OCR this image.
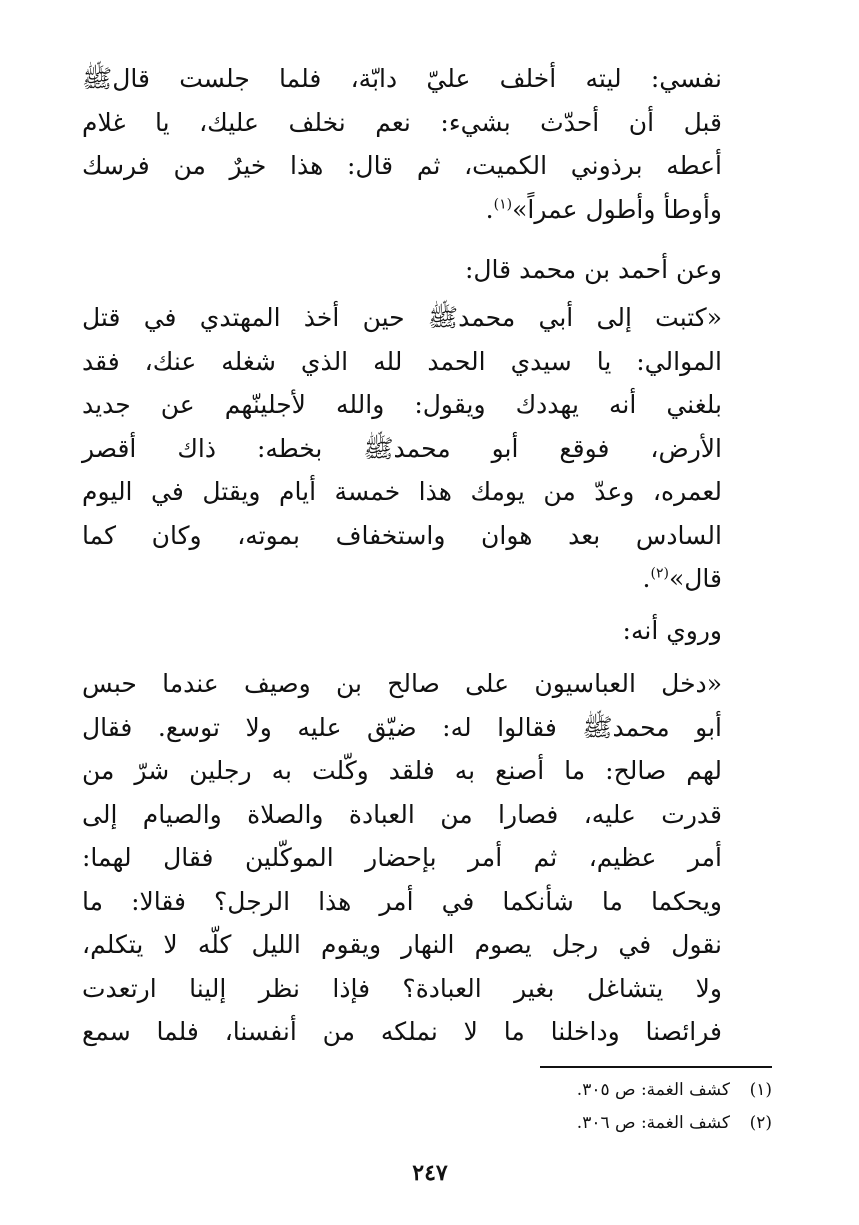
نفسي: ليته أخلف عليّ دابّة، فلما جلست قالﷺ
قبل أن أحدّث بشيء: نعم نخلف عليك، يا غلام
أعطه برذوني الكميت، ثم قال: هذا خيرٌ من فرسك
وأوطأ وأطول عمراً»$^{(١)}$.
وعن أحمد بن محمد قال:
«كتبت إلى أبي محمدﷺ حين أخذ المهتدي في قتل
الموالي: يا سيدي الحمد لله الذي شغله عنك، فقد
بلغني أنه يهددك ويقول: والله لأجلينّهم عن جديد
الأرض، فوقع أبو محمدﷺ بخطه: ذاك أقصر
لعمره، وعدّ من يومك هذا خمسة أيام ويقتل في اليوم
السادس بعد هوان واستخفاف بموته، وكان كما
قال»$^{(٢)}$.
وروي أنه:
«دخل العباسيون على صالح بن وصيف عندما حبس
أبو محمدﷺ فقالوا له: ضيّق عليه ولا توسع. فقال
لهم صالح: ما أصنع به فلقد وكّلت به رجلين شرّ من
قدرت عليه، فصارا من العبادة والصلاة والصيام إلى
أمر عظيم، ثم أمر بإحضار الموكّلين فقال لهما:
ويحكما ما شأنكما في أمر هذا الرجل؟ فقالا: ما
نقول في رجل يصوم النهار ويقوم الليل كلّه لا يتكلم،
ولا يتشاغل بغير العبادة؟ فإذا نظر إلينا ارتعدت
فرائصنا وداخلنا ما لا نملكه من أنفسنا، فلما سمع
(١)كشف الغمة: ص ٣٠٥.
(٢)كشف الغمة: ص ٣٠٦.
٢٤٧
